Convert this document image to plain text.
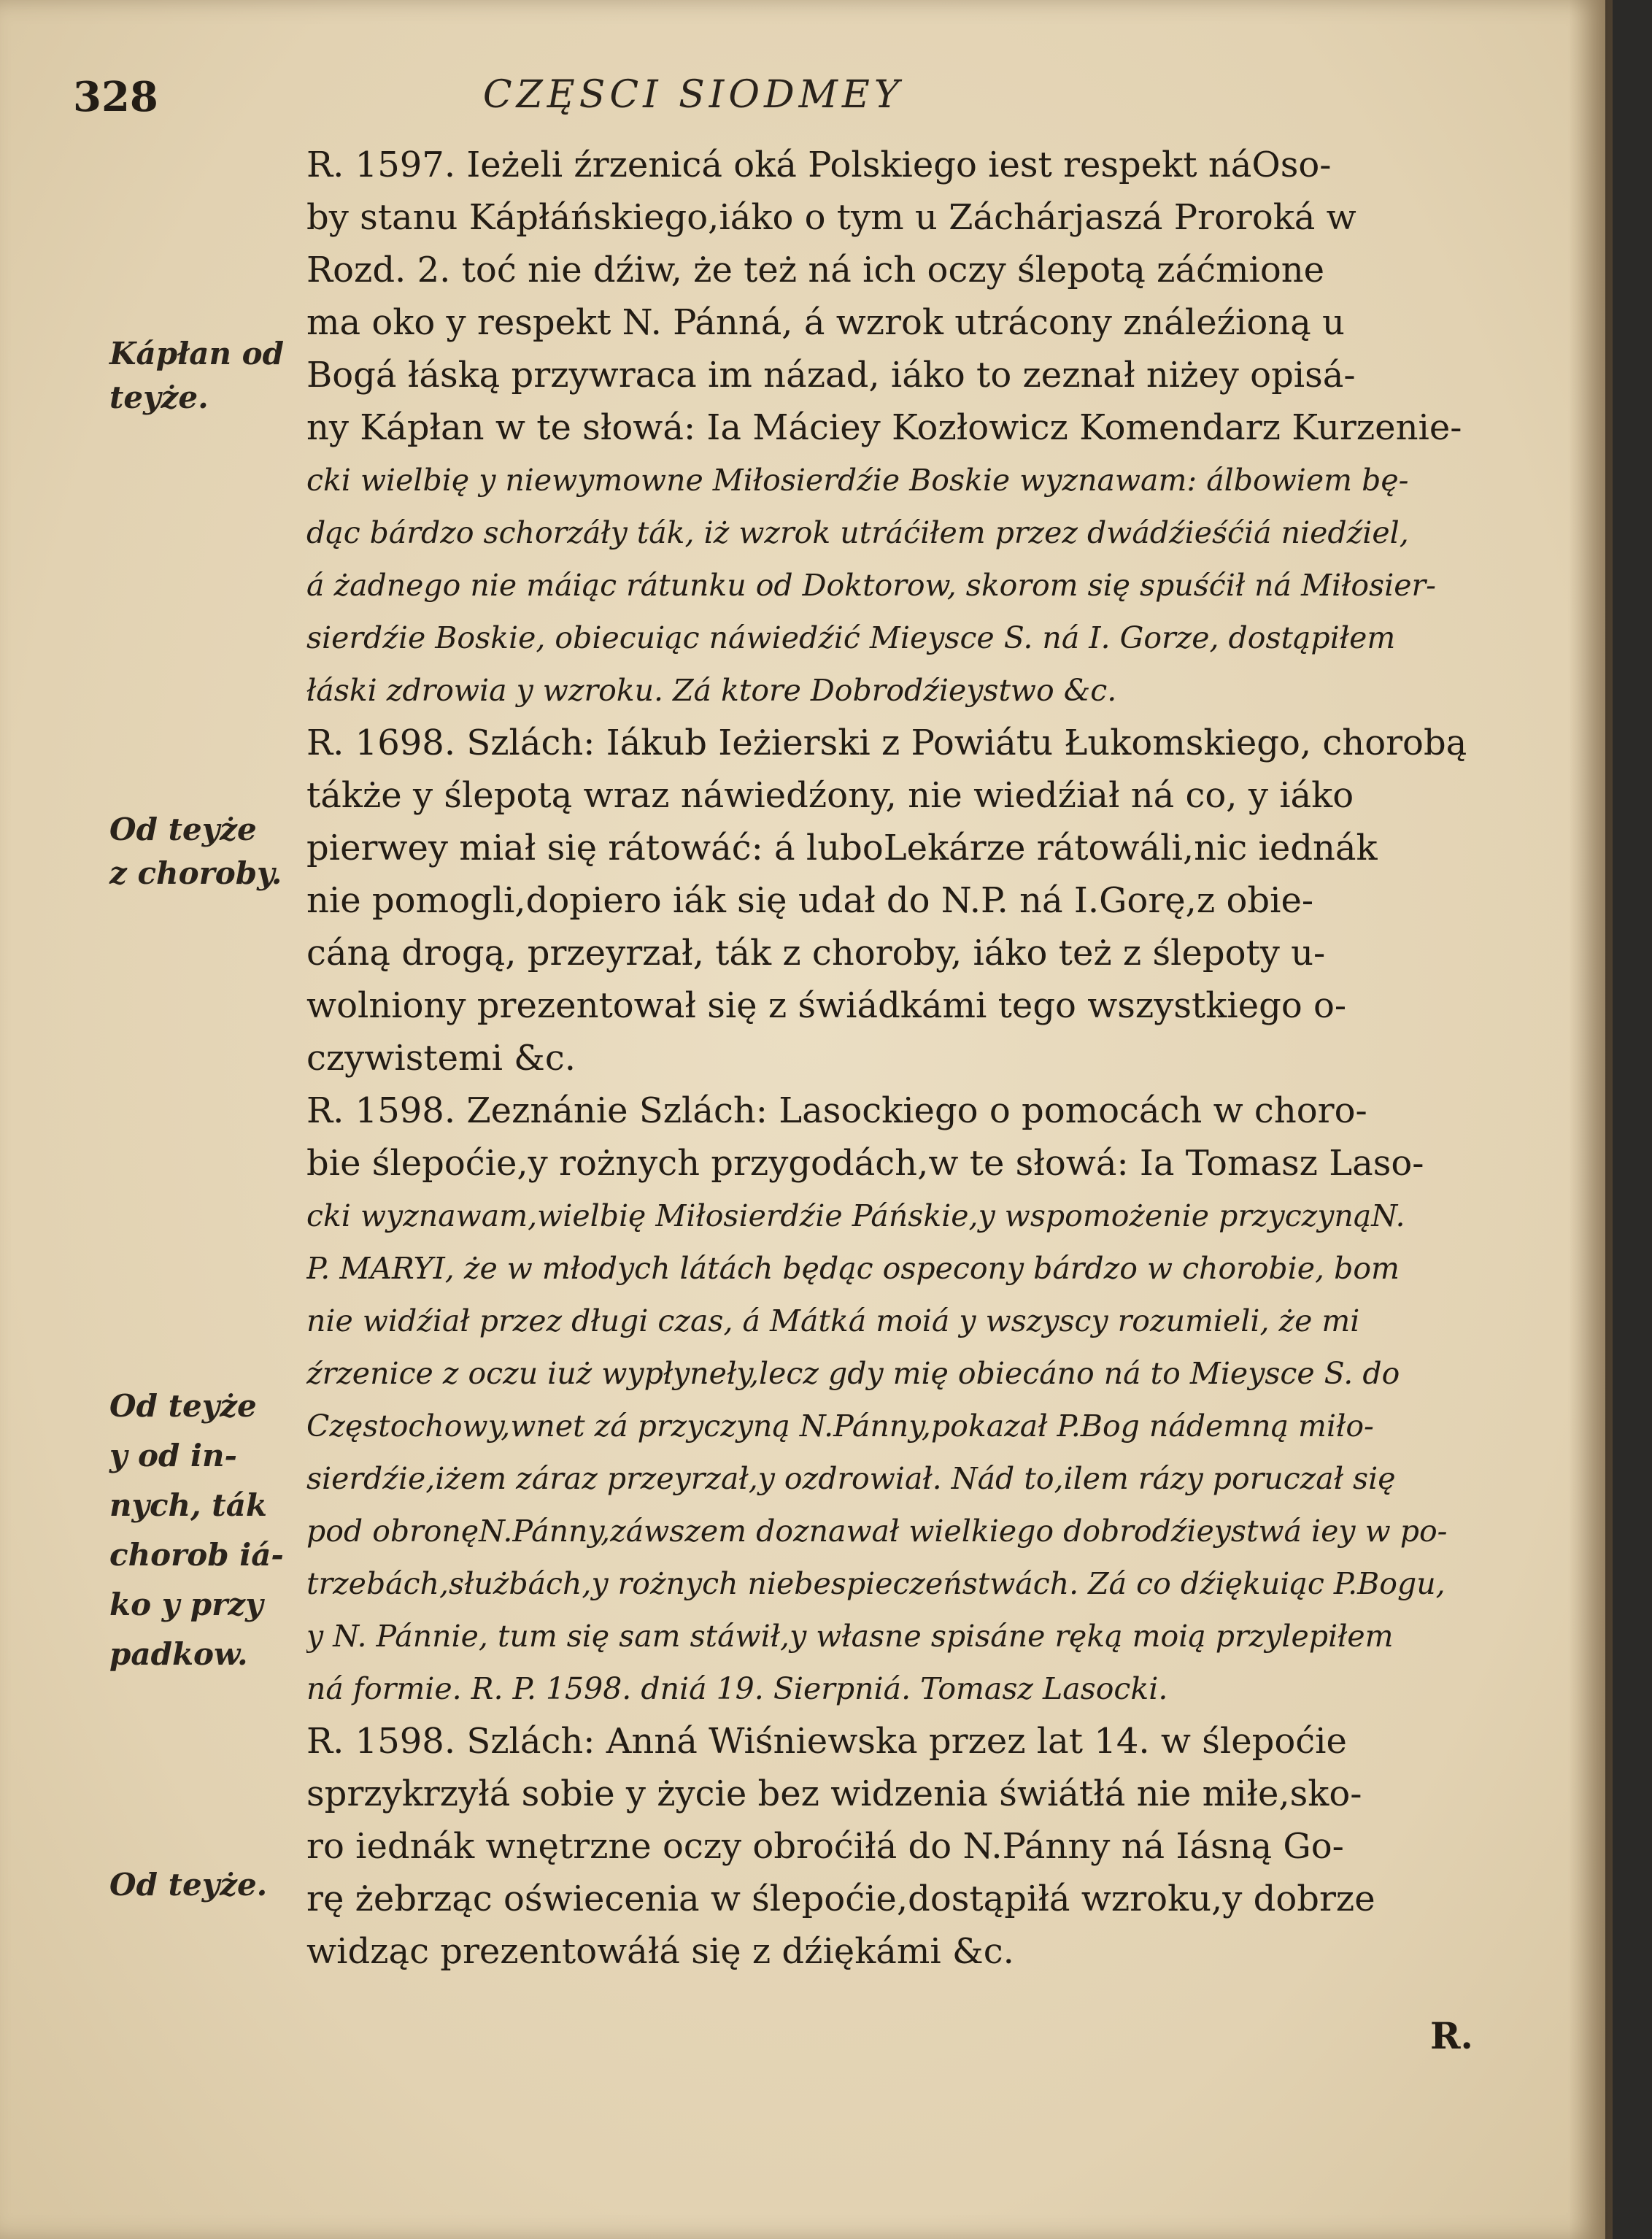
328	CZĘSCI SIODMEY
Kápłan od
teyże.
Od teyże
z choroby.
Od teyże
y od in-
nych, ták
chorob iá-
ko y przy
padkow.
Od teyże.
R. 1597. Ieżeli źrzenicá oká Polskiego iest respekt náOso-
by stanu Kápłáńskiego,iáko o tym u Záchárjaszá Proroká w
Rozd. 2. toć nie dźiw, że też ná ich oczy ślepotą záćmione
ma oko y respekt N. Pánná, á wzrok utrácony ználeźioną u
Bogá łáską przywraca im názad, iáko to zeznał niżey opisá-
ny Kápłan w te słowá: Ia Máciey Kozłowicz Komendarz Kurzenie-
cki wielbię y niewymowne Miłosierdźie Boskie wyznawam: álbowiem bę-
dąc bárdzo schorzáły ták, iż wzrok utráćiłem przez dwádźieśćiá niedźiel,
á żadnego nie máiąc rátunku od Doktorow, skorom się spuśćił ná Miłosier-
sierdźie Boskie, obiecuiąc náwiedźić Mieysce S. ná I. Gorze, dostąpiłem
łáski zdrowia y wzroku. Zá ktore Dobrodźieystwo &c.
R. 1698. Szlách: Iákub Ieżierski z Powiátu Łukomskiego, chorobą
tákże y ślepotą wraz náwiedźony, nie wiedźiał ná co, y iáko
pierwey miał się rátowáć: á luboLekárze rátowáli,nic iednák
nie pomogli,dopiero iák się udał do N.P. ná I.Gorę,z obie-
cáną drogą, przeyrzał, ták z choroby, iáko też z ślepoty u-
wolniony prezentował się z świádkámi tego wszystkiego o-
czywistemi &c.
R. 1598. Zeznánie Szlách: Lasockiego o pomocách w choro-
bie ślepoćie,y rożnych przygodách,w te słowá: Ia Tomasz Laso-
cki wyznawam,wielbię Miłosierdźie Páńskie,y wspomożenie przyczynąN.
P. MARYI, że w młodych látách będąc ospecony bárdzo w chorobie, bom
nie widźiał przez długi czas, á Mátká moiá y wszyscy rozumieli, że mi
źrzenice z oczu iuż wypłyneły,lecz gdy mię obiecáno ná to Mieysce S. do
Częstochowy,wnet zá przyczyną N.Pánny,pokazał P.Bog nádemną miło-
sierdźie,iżem záraz przeyrzał,y ozdrowiał. Nád to,ilem rázy poruczał się
pod obronęN.Pánny,záwszem doznawał wielkiego dobrodźieystwá iey w po-
trzebách,służbách,y rożnych niebespieczeństwách. Zá co dźiękuiąc P.Bogu,
y N. Pánnie, tum się sam stáwił,y własne spisáne ręką moią przylepiłem
ná formie. R. P. 1598. dniá 19. Sierpniá. Tomasz Lasocki.
R. 1598. Szlách: Anná Wiśniewska przez lat 14. w ślepoćie
sprzykrzyłá sobie y życie bez widzenia świátłá nie miłe,sko-
ro iednák wnętrzne oczy obroćiłá do N.Pánny ná Iásną Go-
rę żebrząc oświecenia w ślepoćie,dostąpiłá wzroku,y dobrze
widząc prezentowáłá się z dźiękámi &c.
R.
